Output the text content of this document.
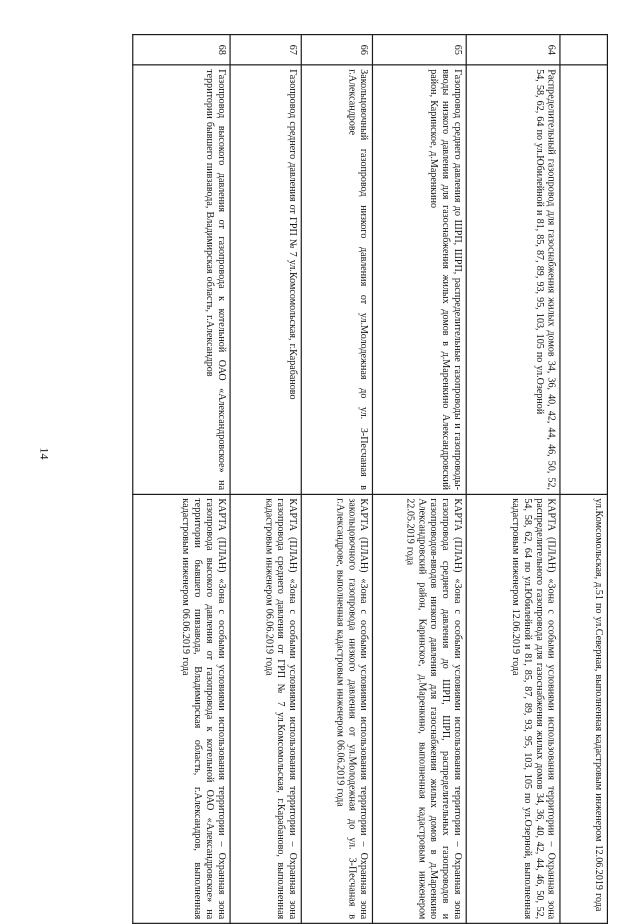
14
		ул.Комсомольская, д.51 по ул.Северная, выполненная кадастровым инженером 12.06.2019 года
64	Распределительный газопровод для газоснабжения жилых домов 34, 36, 40, 42, 44, 46, 50, 52, 54, 58, 62, 64 по ул.Юбилейной и 81, 85, 87, 89, 93, 95, 103, 105 по ул.Озерной	КАРТА (ПЛАН) «Зона с особыми условиями использования территории – Охранная зона распределительного газопровода для газоснабжения жилых домов 34, 36, 40, 42, 44, 46, 50, 52, 54, 58, 62, 64 по ул.Юбилейной и 81, 85, 87, 89, 93, 95, 103, 105 по ул.Озерной, выполненная кадастровым инженером 12.06.2019 года
65	Газопровод среднего давления до ШРП, ШРП, распределительные газопроводы и газопроводы-вводы низкого давления для газоснабжения жилых домов в д.Маренкино Александровский район, Каринское, д.Маренкино	КАРТА (ПЛАН) «Зона с особыми условиями использования территории – Охранная зона газопровода среднего давления до ШРП, ШРП, распределительных газопроводов и газопроводов-вводов низкого давления для газоснабжения жилых домов в д.Маренкино Александровский район, Каринское, д.Маренкино, выполненная кадастровым инженером 22.05.2019 года
66	Закольцовочный газопровод низкого давления от ул.Молодежная до ул. 3-Песчаная в г.Александрове	КАРТА (ПЛАН) «Зона с особыми условиями использования территории – Охранная зона закольцовочного газопровода низкого давления от ул.Молодежная до ул. 3-Песчаная в г.Александрове, выполненная кадастровым инженером 06.06.2019 года
67	Газопровод среднего давления от ГРП № 7 ул.Комсомольская, г.Карабаново	КАРТА (ПЛАН) «Зона с особыми условиями использования территории – Охранная зона газопровода среднего давления от ГРП № 7 ул.Комсомольская, г.Карабаново, выполненная кадастровым инженером 06.06.2019 года
68	Газопровод высокого давления от газопровода к котельной ОАО «Александровское» на территории бывшего пивзавода, Владимирская область, г.Александров	КАРТА (ПЛАН) «Зона с особыми условиями использования территории – Охранная зона газопровода высокого давления от газопровода к котельной ОАО «Александровское» на территории бывшего пивзавода, Владимирская область, г.Александров, выполненная кадастровым инженером 06.06.2019 года
